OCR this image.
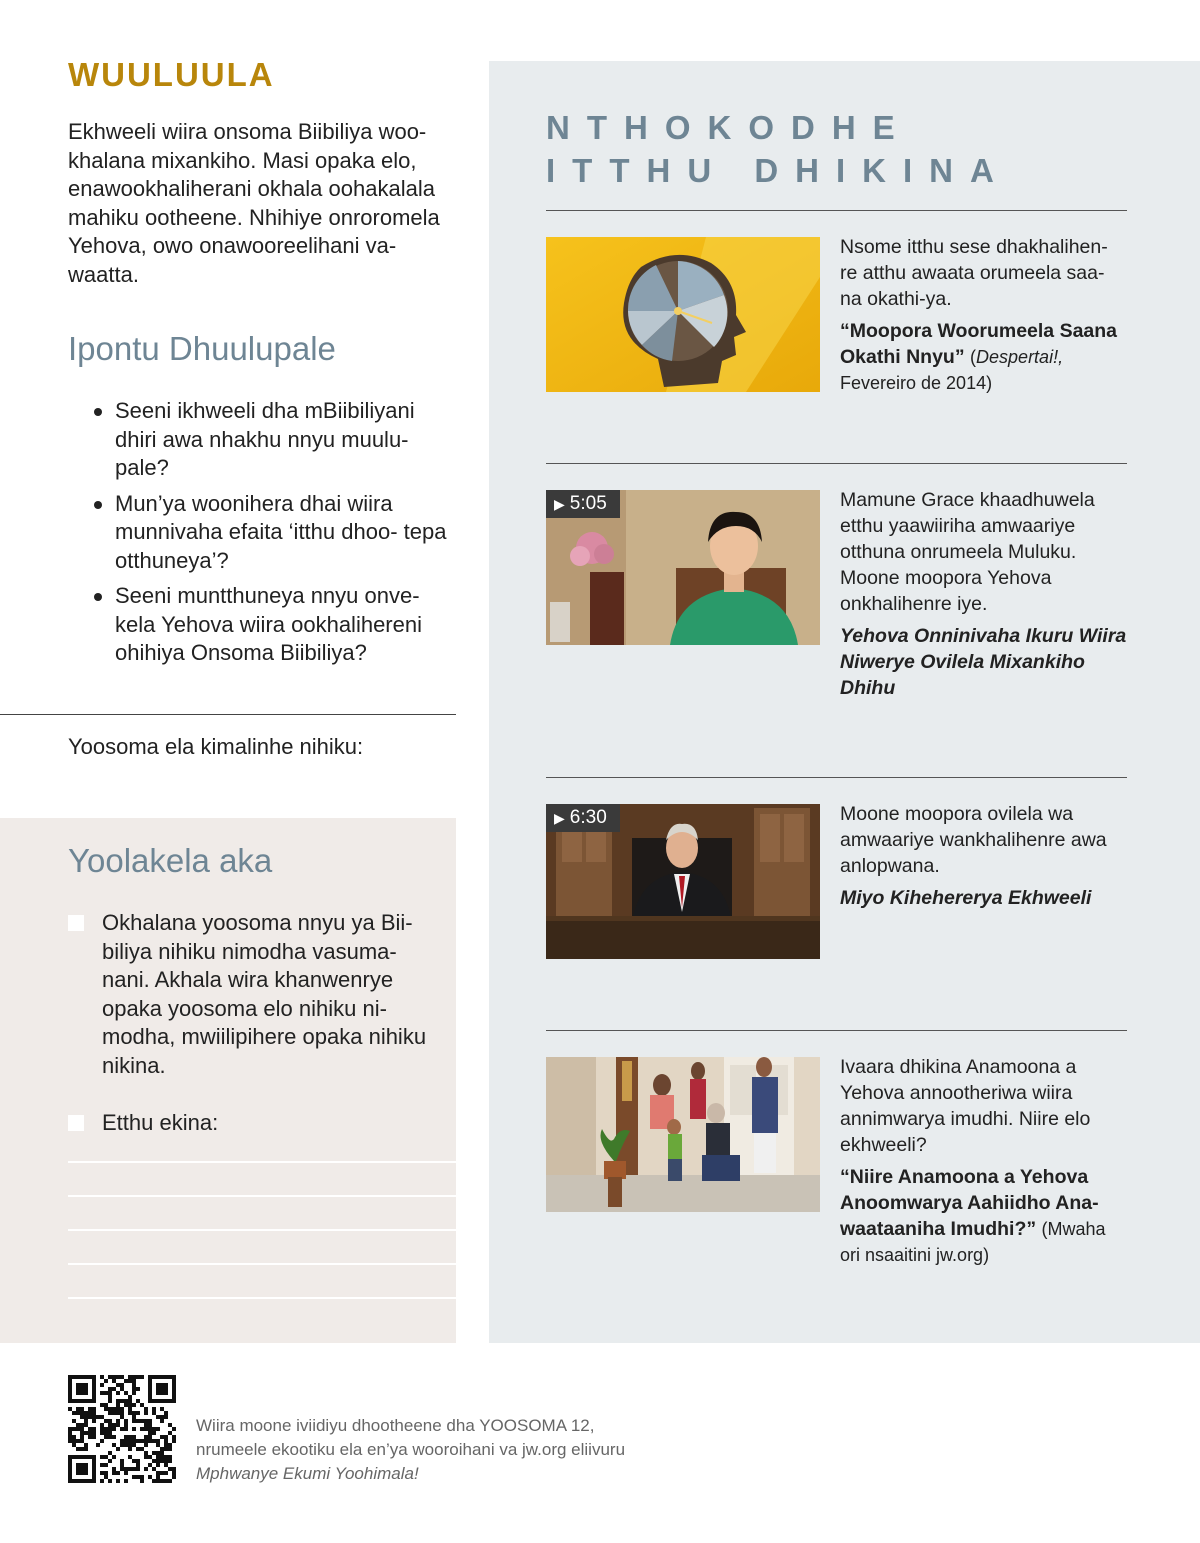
WUULUULA

Ekhweeli wiira onsoma Biibiliya woo- khalana mixankiho. Masi opaka elo, enawookhaliherani okhala oohakalala mahiku ootheene. Nhihiye onroromela Yehova, owo onawooreelihani va- waatta.

Ipontu Dhuulupale
Seeni ikhweeli dha mBiibiliyani dhiri awa nhakhu nnyu muulu- pale?
Mun’ya woonihera dhai wiira munnivaha efaita ‘itthu dhoo- tepa otthuneya’?
Seeni muntthuneya nnyu onve- kela Yehova wiira ookhalihereni ohihiya Onsoma Biibiliya?
Yoosoma ela kimalinhe nihiku:
Yoolakela aka
Okhalana yoosoma nnyu ya Bii- biliya nihiku nimodha vasuma- nani. Akhala wira khanwenrye opaka yoosoma elo nihiku ni- modha, mwiilipihere opaka nihiku nikina.
Etthu ekina:
NTHOKODHE
ITTHU DHIKINA

Nsome itthu sese dhakhalihen- re atthu awaata orumeela saa- na okathi-ya.

“Moopora Woorumeela Saana Okathi Nnyu” (Despertai!, Fevereiro de 2014)

▶ 5:05	Mamune Grace khaadhuwela etthu yaawiiriha amwaariye otthuna onrumeela Muluku. Moone moopora Yehova onkhalihenre iye.

Yehova Onninivaha Ikuru Wiira Niwerye Ovilela Mixankiho Dhihu

▶ 6:30	Moone moopora ovilela wa amwaariye wankhalihenre awa anlopwana.

Miyo Kihehererya Ekhweeli

Ivaara dhikina Anamoona a Yehova annootheriwa wiira annimwarya imudhi. Niire elo ekhweeli?

“Niire Anamoona a Yehova Anoomwarya Aahiidho Ana- waataaniha Imudhi?” (Mwaha ori nsaaitini jw.org)

Wiira moone iviidiyu dhootheene dha YOOSOMA 12, nrumeele ekootiku ela en’ya wooroihani va jw.org eliivuru Mphwanye Ekumi Yoohimala!
